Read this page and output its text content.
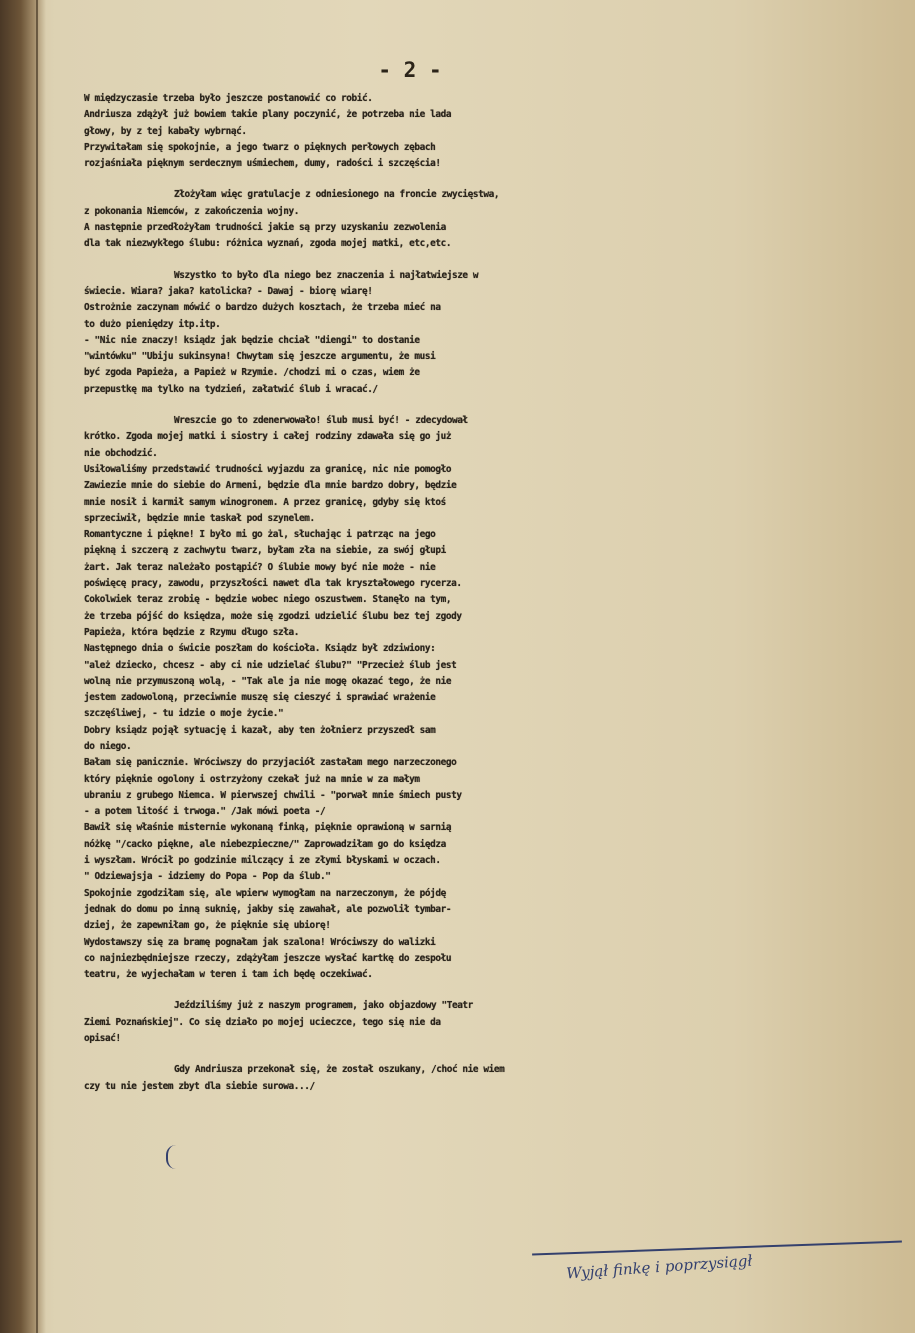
- 2 -
W międzyczasie trzeba było jeszcze postanowić co robić.
Andriusza zdążył już bowiem takie plany poczynić, że potrzeba nie lada
głowy, by z tej kabały wybrnąć.
Przywitałam się spokojnie, a jego twarz o pięknych perłowych zębach
rozjaśniała pięknym serdecznym uśmiechem, dumy, radości i szczęścia!
Złożyłam więc gratulacje z odniesionego na froncie zwycięstwa,
z pokonania Niemców, z zakończenia wojny.
A następnie przedłożyłam trudności jakie są przy uzyskaniu zezwolenia
dla tak niezwykłego ślubu: różnica wyznań, zgoda mojej matki, etc,etc.
Wszystko to było dla niego bez znaczenia i najłatwiejsze w
świecie. Wiara? jaka? katolicka? - Dawaj - biorę wiarę!
Ostrożnie zaczynam mówić o bardzo dużych kosztach, że trzeba mieć na
to dużo pieniędzy itp.itp.
- "Nic nie znaczy! ksiądz jak będzie chciał "diengi" to dostanie
"wintówku" "Ubiju sukinsyna! Chwytam się jeszcze argumentu, że musi
być zgoda Papieża, a Papież w Rzymie. /chodzi mi o czas, wiem że
przepustkę ma tylko na tydzień, załatwić ślub i wracać./
Wreszcie go to zdenerwowało! ślub musi być! - zdecydował
krótko. Zgoda mojej matki i siostry i całej rodziny zdawała się go już
nie obchodzić.
Usiłowaliśmy przedstawić trudności wyjazdu za granicę, nic nie pomogło
Zawiezie mnie do siebie do Armeni, będzie dla mnie bardzo dobry, będzie
mnie nosił i karmił samym winogronem. A przez granicę, gdyby się ktoś
sprzeciwił, będzie mnie taskał pod szynelem.
Romantyczne i piękne! I było mi go żal, słuchając i patrząc na jego
piękną i szczerą z zachwytu twarz, byłam zła na siebie, za swój głupi
żart. Jak teraz należało postąpić? O ślubie mowy być nie może - nie
poświęcę pracy, zawodu, przyszłości nawet dla tak kryształowego rycerza.
Cokolwiek teraz zrobię - będzie wobec niego oszustwem. Stanęło na tym,
że trzeba pójść do księdza, może się zgodzi udzielić ślubu bez tej zgody
Papieża, która będzie z Rzymu długo szła.
Następnego dnia o świcie poszłam do kościoła. Ksiądz był zdziwiony:
"ależ dziecko, chcesz - aby ci nie udzielać ślubu?" "Przecież ślub jest
wolną nie przymuszoną wolą, - "Tak ale ja nie mogę okazać tego, że nie
jestem zadowoloną, przeciwnie muszę się cieszyć i sprawiać wrażenie
szczęśliwej, - tu idzie o moje życie."
Dobry ksiądz pojął sytuację i kazał, aby ten żołnierz przyszedł sam
do niego.
Bałam się panicznie. Wróciwszy do przyjaciół zastałam mego narzeczonego
który pięknie ogolony i ostrzyżony czekał już na mnie w za małym
ubraniu z grubego Niemca. W pierwszej chwili - "porwał mnie śmiech pusty
- a potem litość i trwoga." /Jak mówi poeta -/
Bawił się właśnie misternie wykonaną finką, pięknie oprawioną w sarnią
nóżkę "/cacko piękne, ale niebezpieczne/" Zaprowadziłam go do księdza
i wyszłam. Wrócił po godzinie milczący i ze złymi błyskami w oczach.
" Odziewajsja - idziemy do Popa - Pop da ślub."
Spokojnie zgodziłam się, ale wpierw wymogłam na narzeczonym, że pójdę
jednak do domu po inną suknię, jakby się zawahał, ale pozwolił tymbar-
dziej, że zapewniłam go, że pięknie się ubiorę!
Wydostawszy się za bramę pognałam jak szalona! Wróciwszy do walizki
co najniezbędniejsze rzeczy, zdążyłam jeszcze wysłać kartkę do zespołu
teatru, że wyjechałam w teren i tam ich będę oczekiwać.
Jeździliśmy już z naszym programem, jako objazdowy "Teatr
Ziemi Poznańskiej". Co się działo po mojej ucieczce, tego się nie da
opisać!
Gdy Andriusza przekonał się, że został oszukany, /choć nie wiem
czy tu nie jestem zbyt dla siebie surowa.../
Wyjął finkę i poprzysiągł
